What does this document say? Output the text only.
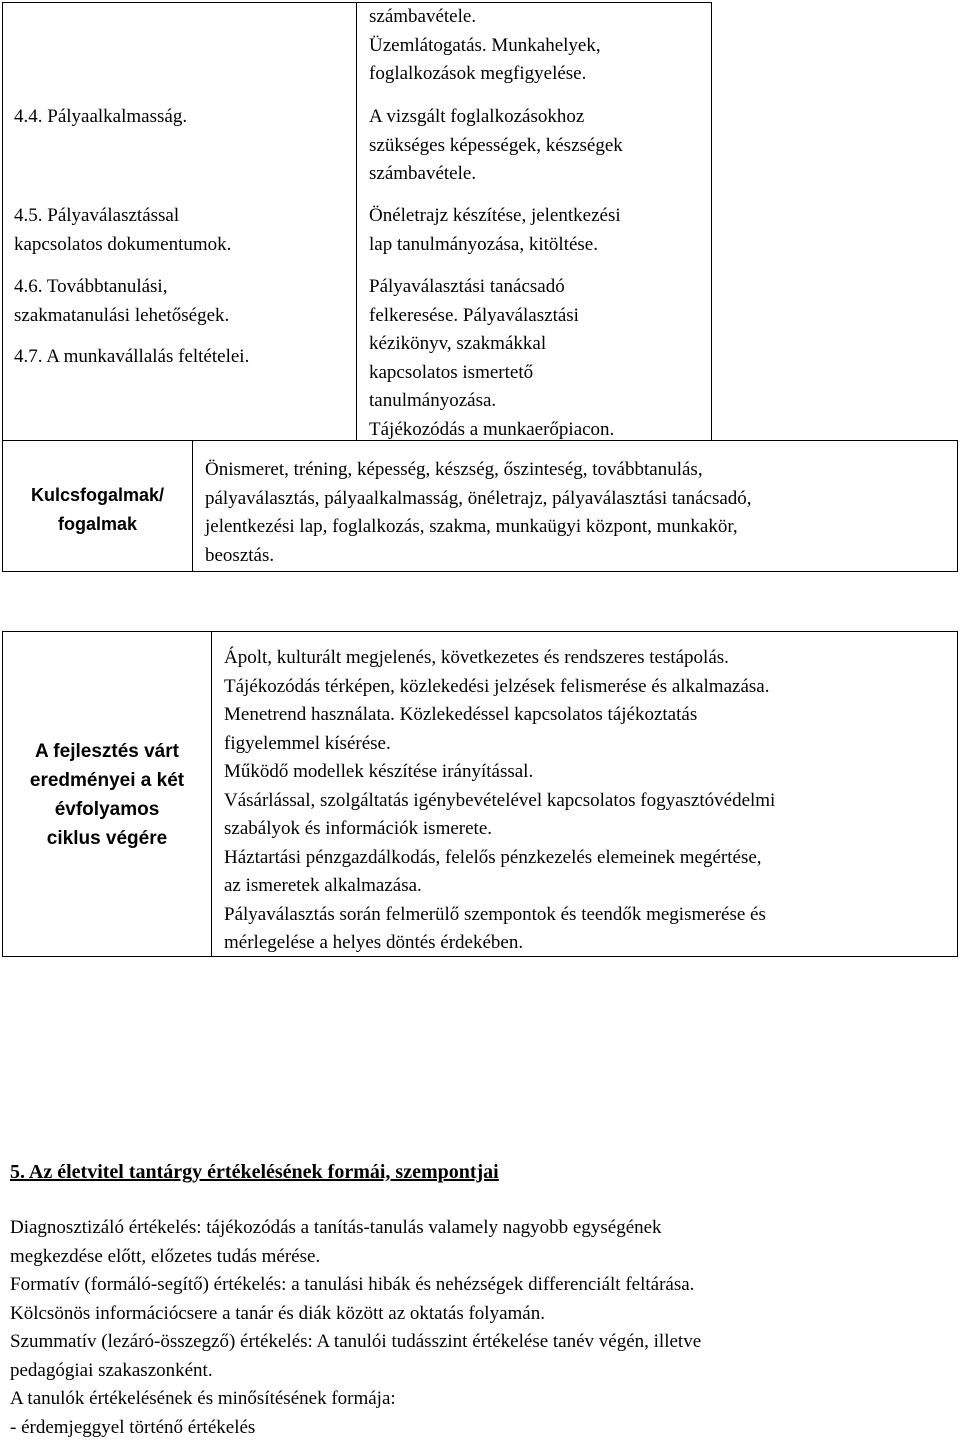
számbavétele.
Üzemlátogatás. Munkahelyek,
foglalkozások megfigyelése.
4.4. Pályaalkalmasság.	A vizsgált foglalkozásokhoz
szükséges képességek, készségek
számbavétele.
4.5. Pályaválasztással
kapcsolatos dokumentumok.
Önéletrajz készítése, jelentkezési
lap tanulmányozása, kitöltése.
4.6. Továbbtanulási,
szakmatanulási lehetőségek.
4.7. A munkavállalás feltételei.
Pályaválasztási tanácsadó
felkeresése. Pályaválasztási
kézikönyv, szakmákkal
kapcsolatos ismertető
tanulmányozása.
Tájékozódás a munkaerőpiacon.
Kulcsfogalmak/
fogalmak
Önismeret, tréning, képesség, készség, őszinteség, továbbtanulás,
pályaválasztás, pályaalkalmasság, önéletrajz, pályaválasztási tanácsadó,
jelentkezési lap, foglalkozás, szakma, munkaügyi központ, munkakör,
beosztás.
A fejlesztés várt
eredményei a két
évfolyamos
ciklus végére
Ápolt, kulturált megjelenés, következetes és rendszeres testápolás.
Tájékozódás térképen, közlekedési jelzések felismerése és alkalmazása.
Menetrend használata. Közlekedéssel kapcsolatos tájékoztatás
figyelemmel kísérése.
Működő modellek készítése irányítással.
Vásárlással, szolgáltatás igénybevételével kapcsolatos fogyasztóvédelmi
szabályok és információk ismerete.
Háztartási pénzgazdálkodás, felelős pénzkezelés elemeinek megértése,
az ismeretek alkalmazása.
Pályaválasztás során felmerülő szempontok és teendők megismerése és
mérlegelése a helyes döntés érdekében.
5. Az életvitel tantárgy értékelésének formái, szempontjai
Diagnosztizáló értékelés: tájékozódás a tanítás-tanulás valamely nagyobb egységének
megkezdése előtt, előzetes tudás mérése.
Formatív (formáló-segítő) értékelés: a tanulási hibák és nehézségek differenciált feltárása.
Kölcsönös információcsere a tanár és diák között az oktatás folyamán.
Szummatív (lezáró-összegző) értékelés: A tanulói tudásszint értékelése tanév végén, illetve
pedagógiai szakaszonként.
A tanulók értékelésének és minősítésének formája:
- érdemjeggyel történő értékelés
